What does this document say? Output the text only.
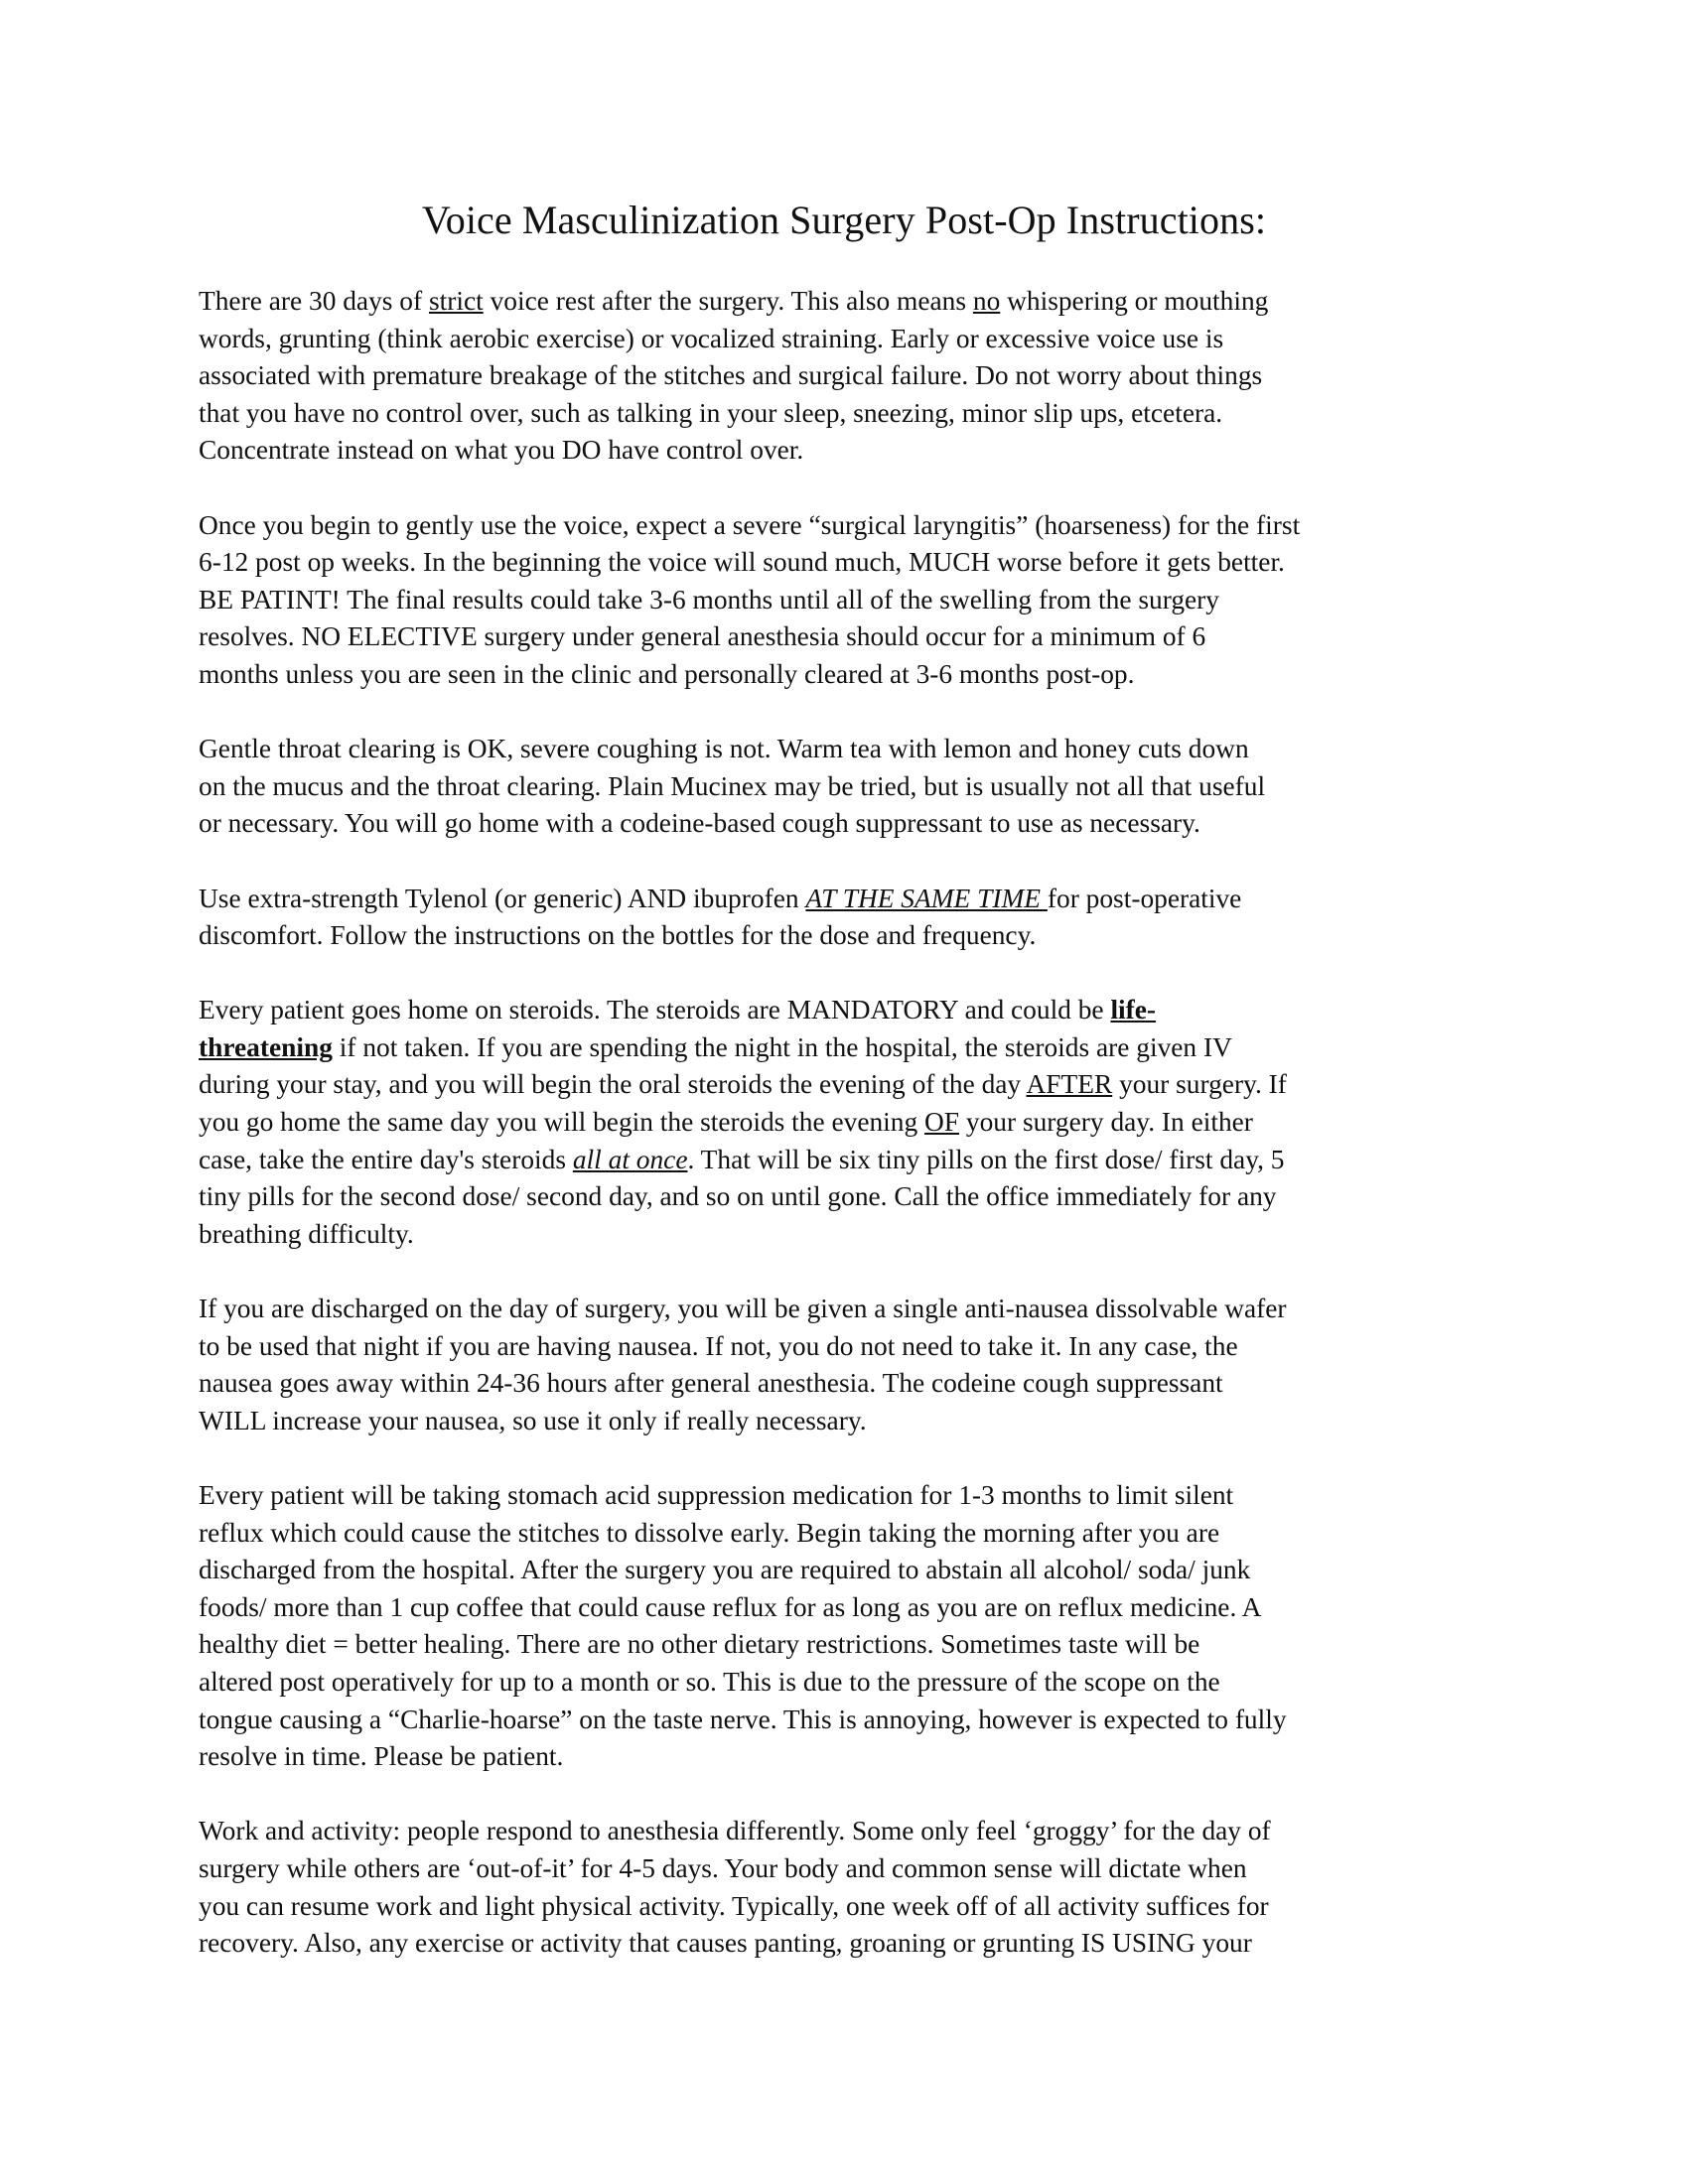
Voice Masculinization Surgery Post-Op Instructions:

There are 30 days of strict voice rest after the surgery. This also means no whispering or mouthing
words, grunting (think aerobic exercise) or vocalized straining. Early or excessive voice use is
associated with premature breakage of the stitches and surgical failure. Do not worry about things
that you have no control over, such as talking in your sleep, sneezing, minor slip ups, etcetera.
Concentrate instead on what you DO have control over.

Once you begin to gently use the voice, expect a severe “surgical laryngitis” (hoarseness) for the first
6-12 post op weeks. In the beginning the voice will sound much, MUCH worse before it gets better.
BE PATINT! The final results could take 3-6 months until all of the swelling from the surgery
resolves. NO ELECTIVE surgery under general anesthesia should occur for a minimum of 6
months unless you are seen in the clinic and personally cleared at 3-6 months post-op.

Gentle throat clearing is OK, severe coughing is not. Warm tea with lemon and honey cuts down
on the mucus and the throat clearing. Plain Mucinex may be tried, but is usually not all that useful
or necessary. You will go home with a codeine-based cough suppressant to use as necessary.

Use extra-strength Tylenol (or generic) AND ibuprofen AT THE SAME TIME for post-operative
discomfort. Follow the instructions on the bottles for the dose and frequency.

Every patient goes home on steroids. The steroids are MANDATORY and could be life-
threatening if not taken. If you are spending the night in the hospital, the steroids are given IV
during your stay, and you will begin the oral steroids the evening of the day AFTER your surgery. If
you go home the same day you will begin the steroids the evening OF your surgery day. In either
case, take the entire day's steroids all at once. That will be six tiny pills on the first dose/ first day, 5
tiny pills for the second dose/ second day, and so on until gone. Call the office immediately for any
breathing difficulty.

If you are discharged on the day of surgery, you will be given a single anti-nausea dissolvable wafer
to be used that night if you are having nausea. If not, you do not need to take it. In any case, the
nausea goes away within 24-36 hours after general anesthesia. The codeine cough suppressant
WILL increase your nausea, so use it only if really necessary.

Every patient will be taking stomach acid suppression medication for 1-3 months to limit silent
reflux which could cause the stitches to dissolve early. Begin taking the morning after you are
discharged from the hospital. After the surgery you are required to abstain all alcohol/ soda/ junk
foods/ more than 1 cup coffee that could cause reflux for as long as you are on reflux medicine. A
healthy diet = better healing. There are no other dietary restrictions. Sometimes taste will be
altered post operatively for up to a month or so. This is due to the pressure of the scope on the
tongue causing a “Charlie-hoarse” on the taste nerve. This is annoying, however is expected to fully
resolve in time. Please be patient.

Work and activity: people respond to anesthesia differently. Some only feel ‘groggy’ for the day of
surgery while others are ‘out-of-it’ for 4-5 days. Your body and common sense will dictate when
you can resume work and light physical activity. Typically, one week off of all activity suffices for
recovery. Also, any exercise or activity that causes panting, groaning or grunting IS USING your
